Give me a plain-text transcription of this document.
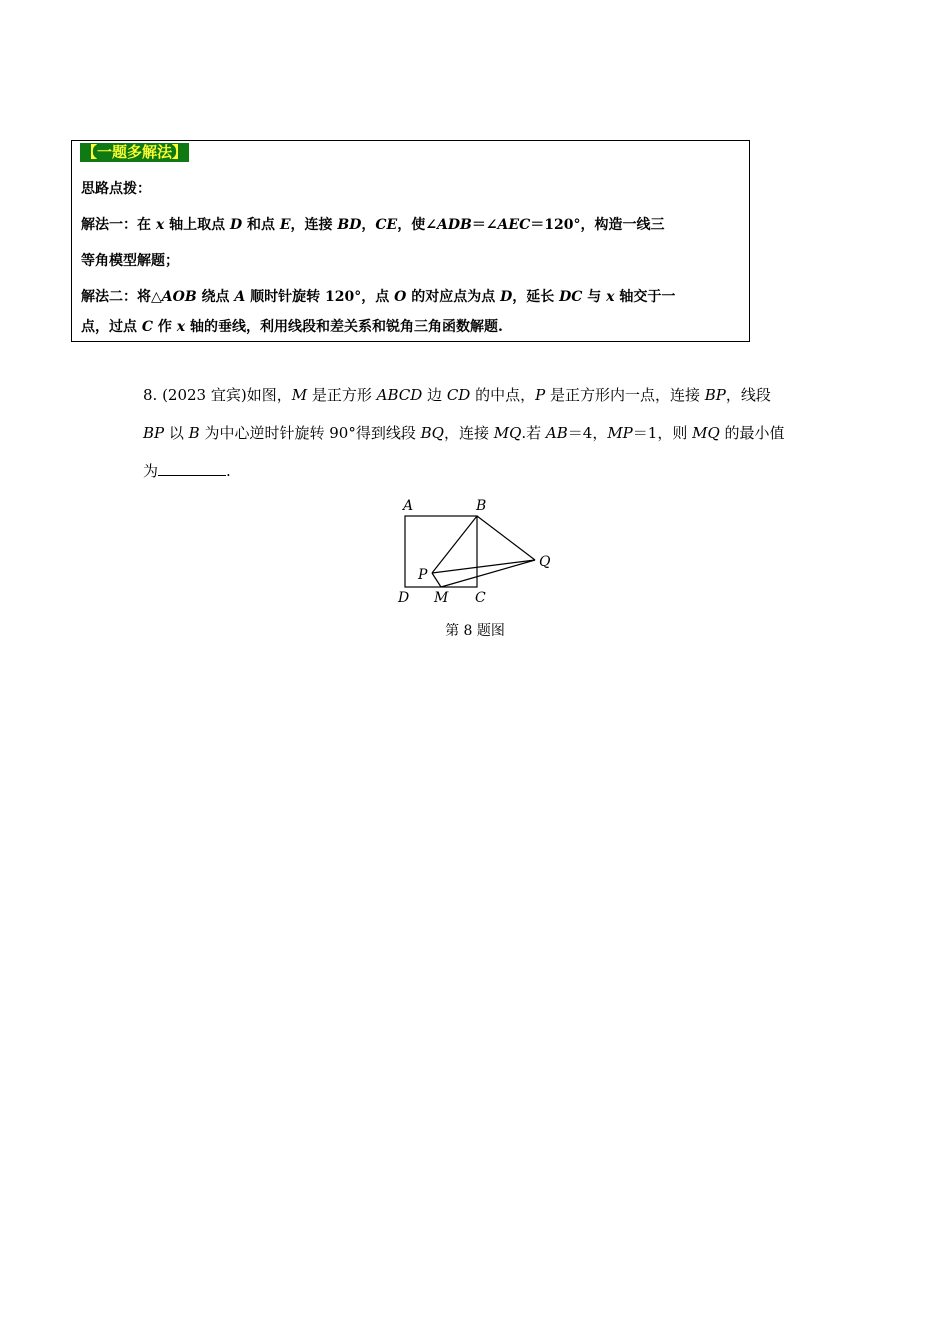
【一题多解法】
思路点拨：
解法一：在 x 轴上取点 D 和点 E，连接 BD，CE，使∠ADB＝∠AEC＝120°，构造一线三
等角模型解题；
解法二：将△AOB 绕点 A 顺时针旋转 120°，点 O 的对应点为点 D，延长 DC 与 x 轴交于一
点，过点 C 作 x 轴的垂线，利用线段和差关系和锐角三角函数解题.
8. (2023 宜宾)如图，M 是正方形 ABCD 边 CD 的中点，P 是正方形内一点，连接 BP，线段
BP 以 B 为中心逆时针旋转 90°得到线段 BQ，连接 MQ.若 AB＝4，MP＝1，则 MQ 的最小值
为	.
A	B
Q
P
D M C
第 8 题图
